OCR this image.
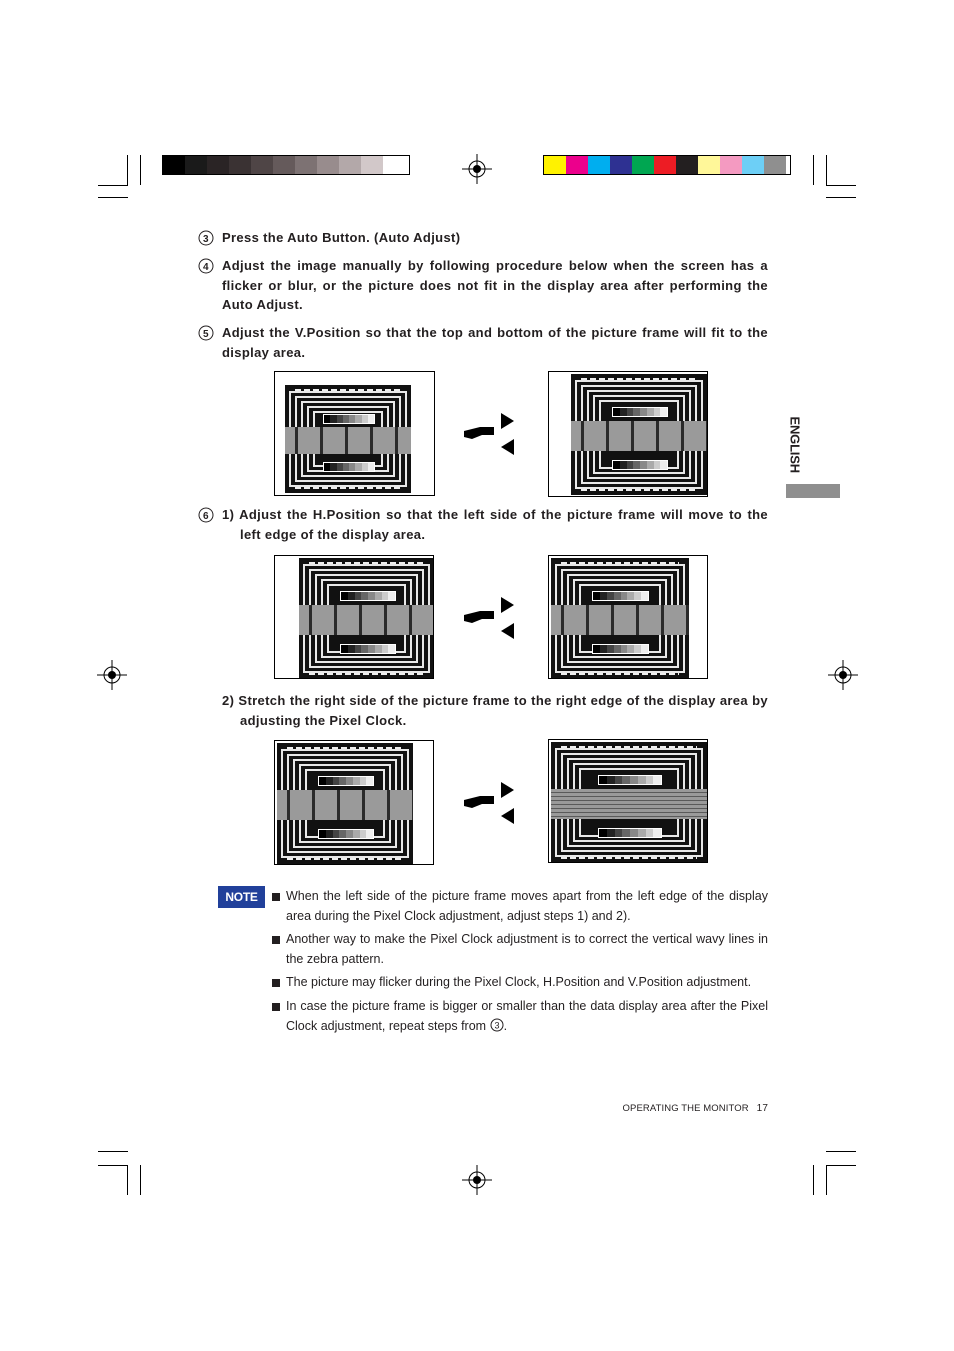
3 Press the Auto Button. (Auto Adjust)
4 Adjust the image manually by following procedure below when the screen has a flicker or blur, or the picture does not fit in the display area after performing the Auto Adjust.
5 Adjust the V.Position so that the top and bottom of the picture frame will fit to the display area.
6 1) Adjust the H.Position so that the left side of the picture frame will move to the left edge of the display area.
2) Stretch the right side of the picture frame to the right edge of the display area by adjusting the Pixel Clock.
ENGLISH
NOTE	When the left side of the picture frame moves apart from the left edge of the display area during the Pixel Clock adjustment, adjust steps 1) and 2).
Another way to make the Pixel Clock adjustment is to correct the vertical wavy lines in the zebra pattern.
The picture may flicker during the Pixel Clock, H.Position and V.Position adjustment.
In case the picture frame is bigger or smaller than the data display area after the Pixel Clock adjustment, repeat steps from 3 .
OPERATING THE MONITOR 17
